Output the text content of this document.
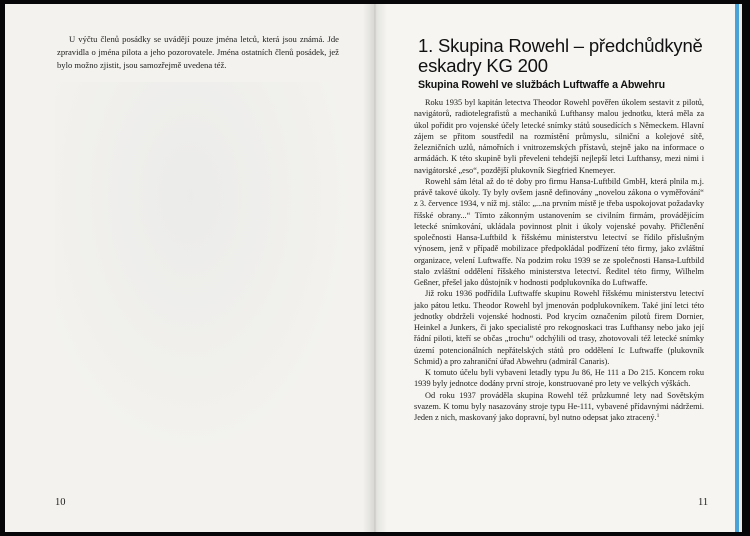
U výčtu členů posádky se uvádějí pouze jména letců, která jsou známá. Jde zpravidla o jména pilota a jeho pozorovatele. Jména ostatních členů posádek, jež bylo možno zjistit, jsou samozřejmě uvedena též.

10

1. Skupina Rowehl – předchůdkyně eskadry KG 200
Skupina Rowehl ve službách Luftwaffe a Abwehru

Roku 1935 byl kapitán letectva Theodor Rowehl pověřen úkolem sestavit z pilotů, navigátorů, radiotelegrafistů a mechaniků Lufthansy malou jednotku, která měla za úkol pořídit pro vojenské účely letecké snímky států sousedících s Německem. Hlavní zájem se přitom soustředil na rozmístění průmyslu, silniční a kolejové sítě, železničních uzlů, námořních i vnitrozemských přístavů, stejně jako na informace o armádách. K této skupině byli převeleni tehdejší nejlepší letci Lufthansy, mezi nimi i navigátorské „eso“, pozdější plukovník Siegfried Knemeyer.

Rowehl sám létal až do té doby pro firmu Hansa-Luftbild GmbH, která plnila m.j. právě takové úkoly. Ty byly ovšem jasně definovány „novelou zákona o vyměřování“ z 3. července 1934, v níž mj. stálo: „...na prvním místě je třeba uspokojovat požadavky říšské obrany...“ Tímto zákonným ustanovením se civilním firmám, provádějícím letecké snímkování, ukládala povinnost plnit i úkoly vojenské povahy. Přičlenění společnosti Hansa-Luftbild k říšskému ministerstvu letectví se řídilo příslušným výnosem, jenž v případě mobilizace předpokládal podřízení této firmy, jako zvláštní organizace, velení Luftwaffe. Na podzim roku 1939 se ze společnosti Hansa-Luftbild stalo zvláštní oddělení říšského ministerstva letectví. Ředitel této firmy, Wilhelm Geßner, přešel jako důstojník v hodnosti podplukovníka do Luftwaffe.

Již roku 1936 podřídila Luftwaffe skupinu Rowehl říšskému ministerstvu letectví jako pátou letku. Theodor Rowehl byl jmenován podplukovníkem. Také jiní letci této jednotky obdrželi vojenské hodnosti. Pod krycím označením pilotů firem Dornier, Heinkel a Junkers, či jako specialisté pro rekognoskaci tras Lufthansy nebo jako její řádní piloti, kteří se občas „trochu“ odchýlili od trasy, zhotovovali též letecké snímky území potencionálních nepřátelských států pro oddělení Ic Luftwaffe (plukovník Schmid) a pro zahraniční úřad Abwehru (admirál Canaris).

K tomuto účelu byli vybaveni letadly typu Ju 86, He 111 a Do 215. Koncem roku 1939 byly jednotce dodány první stroje, konstruované pro lety ve velkých výškách.

Od roku 1937 prováděla skupina Rowehl též průzkumné lety nad Sovětským svazem. K tomu byly nasazovány stroje typu He-111, vybavené přídavnými nádržemi. Jeden z nich, maskovaný jako dopravní, byl nutno odepsat jako ztracený.$^1$

11
